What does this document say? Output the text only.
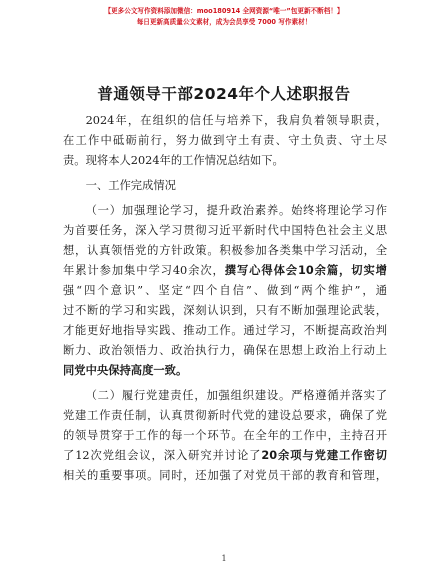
【更多公文写作资料添加微信：moo180914 全网资源“唯一”包更新不断档！】
每日更新高质量公文素材，成为会员享受 7000 写作素材！
普通领导干部2024年个人述职报告

2024年，在组织的信任与培养下，我肩负着领导职责，
在工作中砥砺前行，努力做到守土有责、守土负责、守土尽
责。现将本人2024年的工作情况总结如下。

一、工作完成情况

（一）加强理论学习，提升政治素养。始终将理论学习作
为首要任务，深入学习贯彻习近平新时代中国特色社会主义思
想，认真领悟党的方针政策。积极参加各类集中学习活动，全
年累计参加集中学习40余次，撰写心得体会10余篇，切实增
强“四个意识”、坚定“四个自信”、做到“两个维护”，通
过不断的学习和实践，深刻认识到，只有不断加强理论武装，
才能更好地指导实践、推动工作。通过学习，不断提高政治判
断力、政治领悟力、政治执行力，确保在思想上政治上行动上
同党中央保持高度一致。

（二）履行党建责任，加强组织建设。严格遵循并落实了
党建工作责任制，认真贯彻新时代党的建设总要求，确保了党
的领导贯穿于工作的每一个环节。在全年的工作中，主持召开
了12次党组会议，深入研究并讨论了20余项与党建工作密切
相关的重要事项。同时，还加强了对党员干部的教育和管理，

1
